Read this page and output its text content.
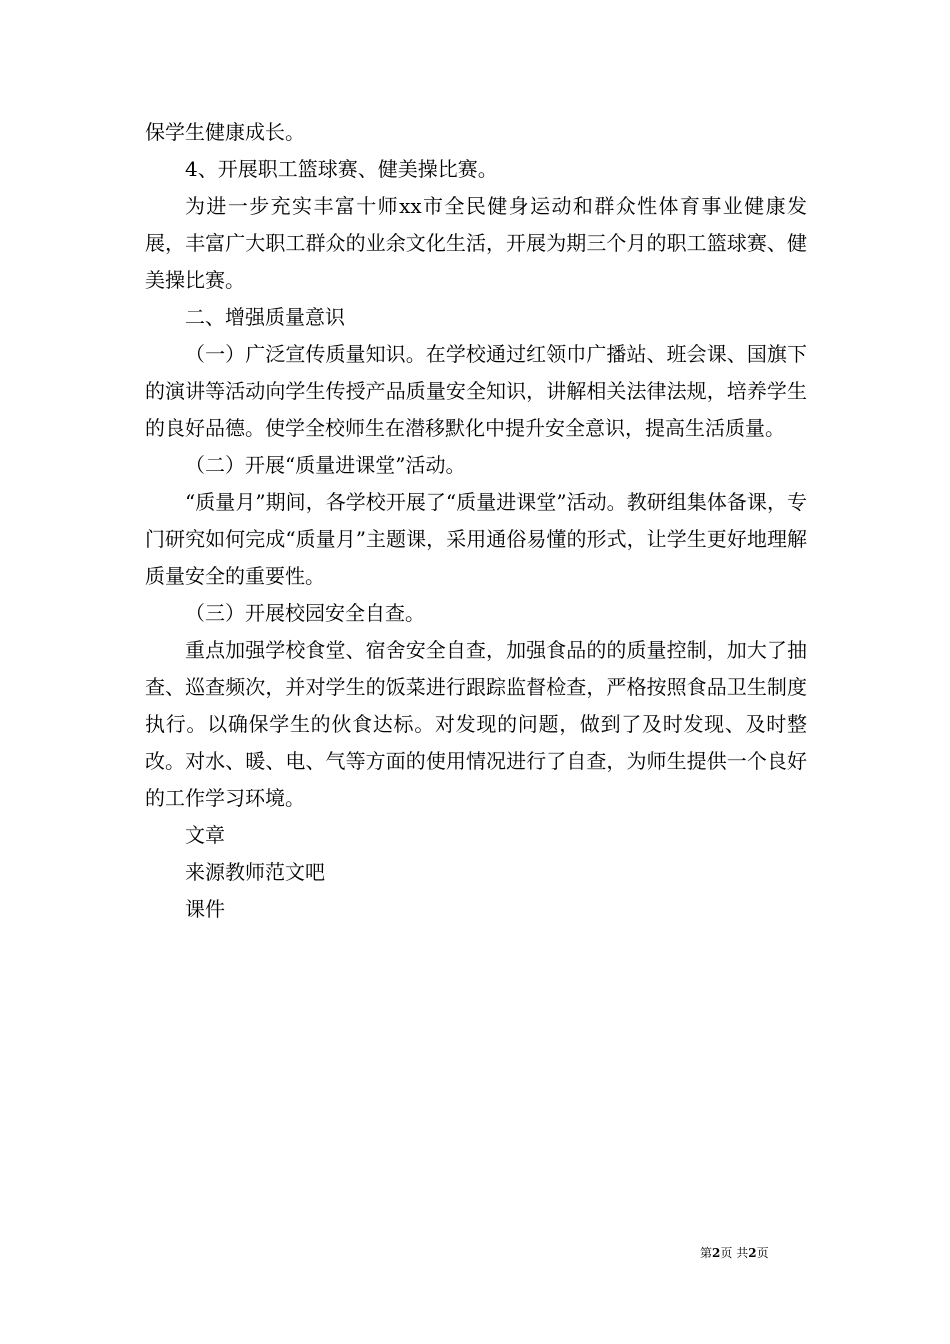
保学生健康成长。

4、开展职工篮球赛、健美操比赛。

为进一步充实丰富十师xx市全民健身运动和群众性体育事业健康发展，丰富广大职工群众的业余文化生活，开展为期三个月的职工篮球赛、健美操比赛。

二、增强质量意识

（一）广泛宣传质量知识。在学校通过红领巾广播站、班会课、国旗下的演讲等活动向学生传授产品质量安全知识，讲解相关法律法规，培养学生的良好品德。使学全校师生在潜移默化中提升安全意识，提高生活质量。

（二）开展“质量进课堂”活动。

“质量月”期间，各学校开展了“质量进课堂”活动。教研组集体备课，专门研究如何完成“质量月”主题课，采用通俗易懂的形式，让学生更好地理解质量安全的重要性。

（三）开展校园安全自查。

重点加强学校食堂、宿舍安全自查，加强食品的的质量控制，加大了抽查、巡查频次，并对学生的饭菜进行跟踪监督检查，严格按照食品卫生制度执行。以确保学生的伙食达标。对发现的问题，做到了及时发现、及时整改。对水、暖、电、气等方面的使用情况进行了自查，为师生提供一个良好的工作学习环境。

文章

来源教师范文吧

课件

第2页 共2页
